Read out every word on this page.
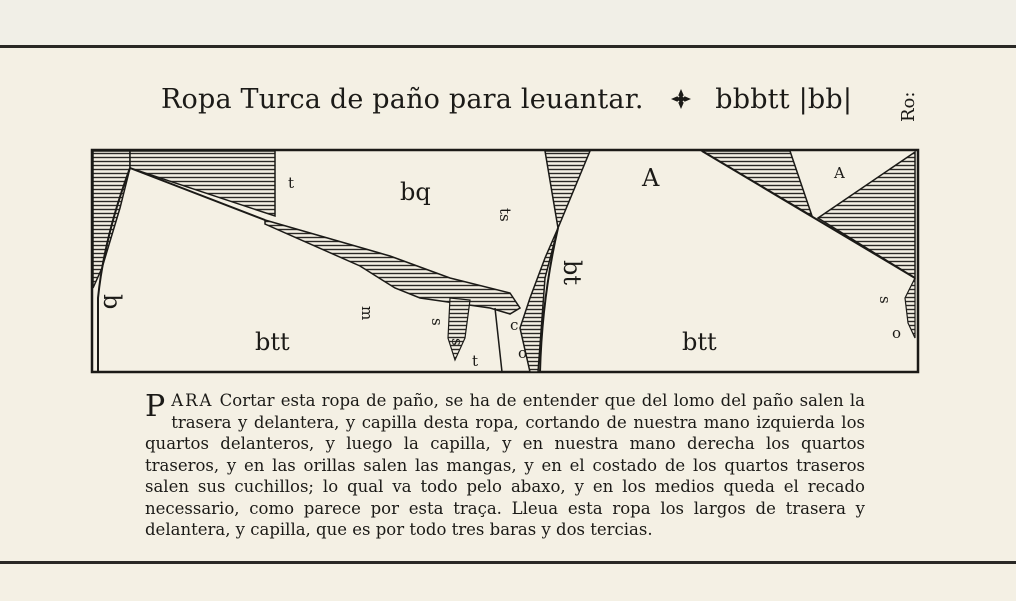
Ropa Turca de paño para leuantar.	bbbtt |bb|	Ro:
btt
b
t	bq
ts
m
s
s
t	o
c
bt
A	A
btt
s
o

P ARA Cortar esta ropa de paño, se ha de entender que del lomo del paño salen la trasera y delantera, y capilla desta ropa, cortando de nuestra mano izquierda los quartos delanteros, y luego la capilla, y en nuestra mano derecha los quartos traseros, y en las orillas salen las mangas, y en el costado de los quartos traseros salen sus cuchillos; lo qual va todo pelo abaxo, y en los medios queda el recado necessario, como parece por esta traça. Lleua esta ropa los largos de trasera y delantera, y capilla, que es por todo tres baras y dos tercias.
